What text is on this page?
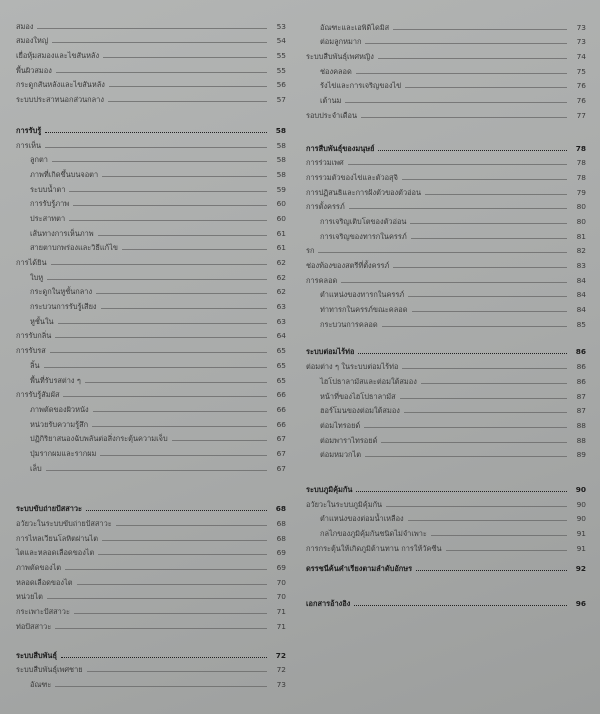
สมอง	53
สมองใหญ่	54
เยื่อหุ้มสมองและไขสันหลัง	55
พื้นผิวสมอง	55
กระดูกสันหลังและไขสันหลัง	56
ระบบประสาทนอกส่วนกลาง	57
การรับรู้	58
การเห็น	58
ลูกตา	58
ภาพที่เกิดขึ้นบนจอตา	58
ระบบน้ำตา	59
การรับรู้ภาพ	60
ประสาทตา	60
เส้นทางการเห็นภาพ	61
สายตาบกพร่องและวิธีแก้ไข	61
การได้ยิน	62
ใบหู	62
กระดูกในหูชั้นกลาง	62
กระบวนการรับรู้เสียง	63
หูชั้นใน	63
การรับกลิ่น	64
การรับรส	65
ลิ้น	65
พื้นที่รับรสต่าง ๆ	65
การรับรู้สัมผัส	66
ภาพตัดของผิวหนัง	66
หน่วยรับความรู้สึก	66
ปฏิกิริยาสนองฉับพลันต่อสิ่งกระตุ้นความเจ็บ	67
ปุ่มรากผมและรากผม	67
เล็บ	67
ระบบขับถ่ายปัสสาวะ	68
อวัยวะในระบบขับถ่ายปัสสาวะ	68
การไหลเวียนโลหิตผ่านไต	68
ไตและหลอดเลือดของไต	69
ภาพตัดของไต	69
หลอดเลือดของไต	70
หน่วยไต	70
กระเพาะปัสสาวะ	71
ท่อปัสสาวะ	71
ระบบสืบพันธุ์	72
ระบบสืบพันธุ์เพศชาย	72
อัณฑะ	73
อัณฑะและเอพิดิไดมิส	73
ต่อมลูกหมาก	73
ระบบสืบพันธุ์เพศหญิง	74
ช่องคลอด	75
รังไข่และการเจริญของไข่	76
เต้านม	76
รอบประจำเดือน	77
การสืบพันธุ์ของมนุษย์	78
การร่วมเพศ	78
การรวมตัวของไข่และตัวอสุจิ	78
การปฏิสนธิและการฝังตัวของตัวอ่อน	79
การตั้งครรภ์	80
การเจริญเติบโตของตัวอ่อน	80
การเจริญของทารกในครรภ์	81
รก	82
ช่องท้องของสตรีที่ตั้งครรภ์	83
การคลอด	84
ตำแหน่งของทารกในครรภ์	84
ท่าทารกในครรภ์ขณะคลอด	84
กระบวนการคลอด	85
ระบบต่อมไร้ท่อ	86
ต่อมต่าง ๆ ในระบบต่อมไร้ท่อ	86
ไฮโปธาลามัสและต่อมใต้สมอง	86
หน้าที่ของไฮโปธาลามัส	87
ฮอร์โมนของต่อมใต้สมอง	87
ต่อมไทรอยด์	88
ต่อมพาราไทรอยด์	88
ต่อมหมวกไต	89
ระบบภูมิคุ้มกัน	90
อวัยวะในระบบภูมิคุ้มกัน	90
ตำแหน่งของต่อมน้ำเหลือง	90
กลไกของภูมิคุ้มกันชนิดไม่จำเพาะ	91
การกระตุ้นให้เกิดภูมิต้านทาน การให้วัคซีน	91
ดรรชนีค้นคำเรียงตามลำดับอักษร	92
เอกสารอ้างอิง	96
